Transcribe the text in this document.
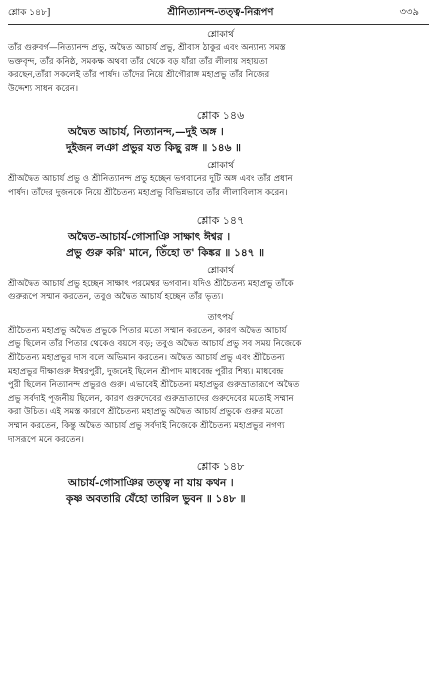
শ্লোক ১৪৮]	শ্রীনিত্যানন্দ-তত্ত্ব-নিরূপণ	৩৩৯

শ্লোকার্থ

তাঁর গুরুবর্গ—নিত্যানন্দ প্রভু, অদ্বৈত আচার্য প্রভু, শ্রীবাস ঠাকুর এবং অন্যান্য সমস্ত

ভক্তবৃন্দ, তাঁর কনিষ্ঠ, সমকক্ষ অথবা তাঁর থেকে বড় যাঁরা তাঁর লীলায় সহায়তা

করছেন,তাঁরা সকলেই তাঁর পার্ষদ। তাঁদের নিয়ে শ্রীগৌরাঙ্গ মহাপ্রভু তাঁর নিজের

উদ্দেশ্য সাধন করেন।

শ্লোক ১৪৬

অদ্বৈত আচার্য, নিত্যানন্দ,—দুই অঙ্গ ।

দুইজন লঞা প্রভুর যত কিছু রঙ্গ ॥ ১৪৬ ॥

শ্লোকার্থ

শ্রীঅদ্বৈত আচার্য প্রভু ও শ্রীনিত্যানন্দ প্রভু হচ্ছেন ভগবানের দুটি অঙ্গ এবং তাঁর প্রধান

পার্ষদ। তাঁদের দুজনকে নিয়ে শ্রীচৈতন্য মহাপ্রভু বিভিন্নভাবে তাঁর লীলাবিলাস করেন।

শ্লোক ১৪৭

অদ্বৈত-আচার্য-গোসাঞি সাক্ষাৎ ঈশ্বর ।

প্রভু গুরু করি' মানে, তিঁহো ত' কিঙ্কর ॥ ১৪৭ ॥

শ্লোকার্থ

শ্রীঅদ্বৈত আচার্য প্রভু হচ্ছেন সাক্ষাৎ পরমেশ্বর ভগবান। যদিও শ্রীচৈতন্য মহাপ্রভু তাঁকে

গুরুরূপে সম্মান করতেন, তবুও অদ্বৈত আচার্য হচ্ছেন তাঁর ভৃত্য।

তাৎপর্য

শ্রীচৈতন্য মহাপ্রভু অদ্বৈত প্রভুকে পিতার মতো সম্মান করতেন, কারণ অদ্বৈত আচার্য

প্রভু ছিলেন তাঁর পিতার থেকেও বয়সে বড়; তবুও অদ্বৈত আচার্য প্রভু সব সময় নিজেকে

শ্রীচৈতন্য মহাপ্রভুর দাস বলে অভিমান করতেন। অদ্বৈত আচার্য প্রভু এবং শ্রীচৈতন্য

মহাপ্রভুর দীক্ষাগুরু ঈশ্বরপুরী, দুজনেই ছিলেন শ্রীপাদ মাধবেন্দ্র পুরীর শিষ্য। মাধবেন্দ্র

পুরী ছিলেন নিত্যানন্দ প্রভুরও গুরু। এভাবেই শ্রীচৈতন্য মহাপ্রভুর গুরুভ্রাতারূপে অদ্বৈত

প্রভু সর্বদাই পূজনীয় ছিলেন, কারণ গুরুদেবের গুরুভ্রাতাদের গুরুদেবের মতোই সম্মান

করা উচিত। এই সমস্ত কারণে শ্রীচৈতন্য মহাপ্রভু অদ্বৈত আচার্য প্রভুকে গুরুর মতো

সম্মান করতেন, কিন্তু অদ্বৈত আচার্য প্রভু সর্বদাই নিজেকে শ্রীচৈতন্য মহাপ্রভুর নগণ্য

দাসরূপে মনে করতেন।

শ্লোক ১৪৮

আচার্য-গোসাঞির তত্ত্ব না যায় কথন ।

কৃষ্ণ অবতারি যেঁহো তারিল ভুবন ॥ ১৪৮ ॥
